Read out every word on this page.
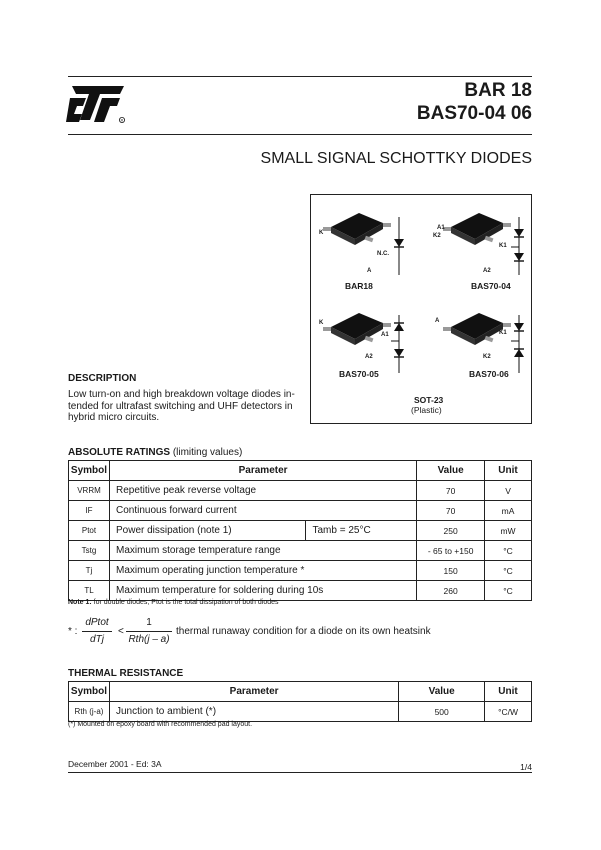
R
BAR 18
BAS70-04 06
SMALL SIGNAL SCHOTTKY DIODES
K
N.C.
A
A1
K2
K1
A2
K
A1
A2
A
K1
K2
BAR18	BAS70-04
BAS70-05	BAS70-06
SOT-23
(Plastic)
DESCRIPTION
Low turn-on and high breakdown voltage diodes in-tended for ultrafast switching and UHF detectors in hybrid micro circuits.
ABSOLUTE RATINGS (limiting values)
Symbol	Parameter		Value	Unit
VRRM	Repetitive peak reverse voltage		70	V
IF	Continuous forward current		70	mA
Ptot	Power dissipation (note 1)	Tamb = 25°C	250	mW
Tstg	Maximum storage temperature range		- 65 to +150	°C
Tj	Maximum operating junction temperature *		150	°C
TL	Maximum temperature for soldering during 10s		260	°C
Note 1: for double diodes, Ptot is the total dissipation of both diodes
* :
dPtot
dTj
<
1
Rth(j – a)
thermal runaway condition for a diode on its own heatsink
THERMAL RESISTANCE
Symbol	Parameter	Value	Unit
Rth (j-a)	Junction to ambient (*)	500	°C/W
(*) Mounted on epoxy board with recommended pad layout.
December 2001 - Ed: 3A	1/4
